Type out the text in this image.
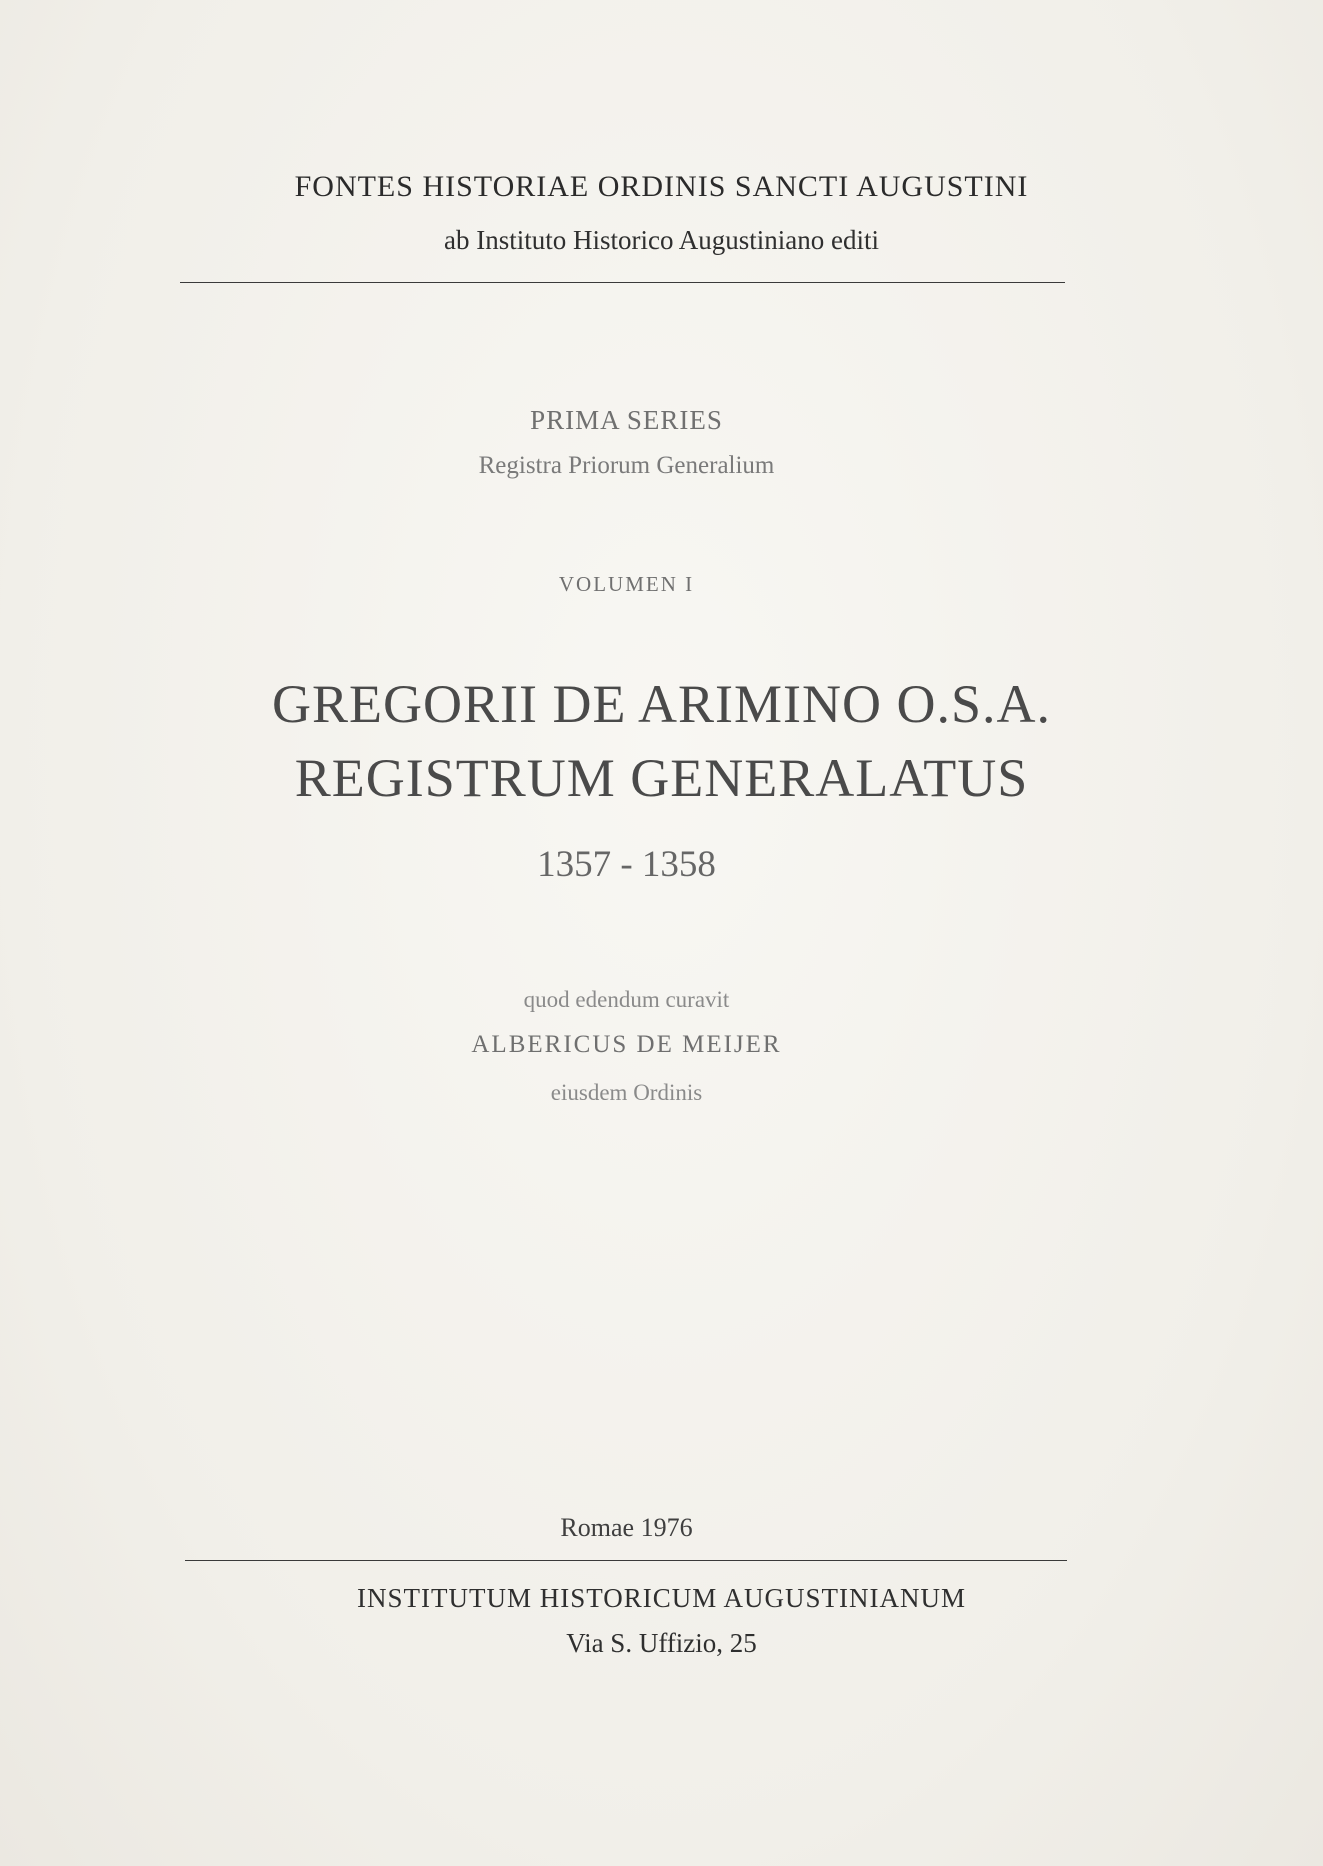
FONTES HISTORIAE ORDINIS SANCTI AUGUSTINI
ab Instituto Historico Augustiniano editi
PRIMA SERIES
Registra Priorum Generalium
VOLUMEN I
GREGORII DE ARIMINO O.S.A.
REGISTRUM GENERALATUS
1357 - 1358
quod edendum curavit
ALBERICUS DE MEIJER
eiusdem Ordinis
Romae 1976
INSTITUTUM HISTORICUM AUGUSTINIANUM
Via S. Uffizio, 25
